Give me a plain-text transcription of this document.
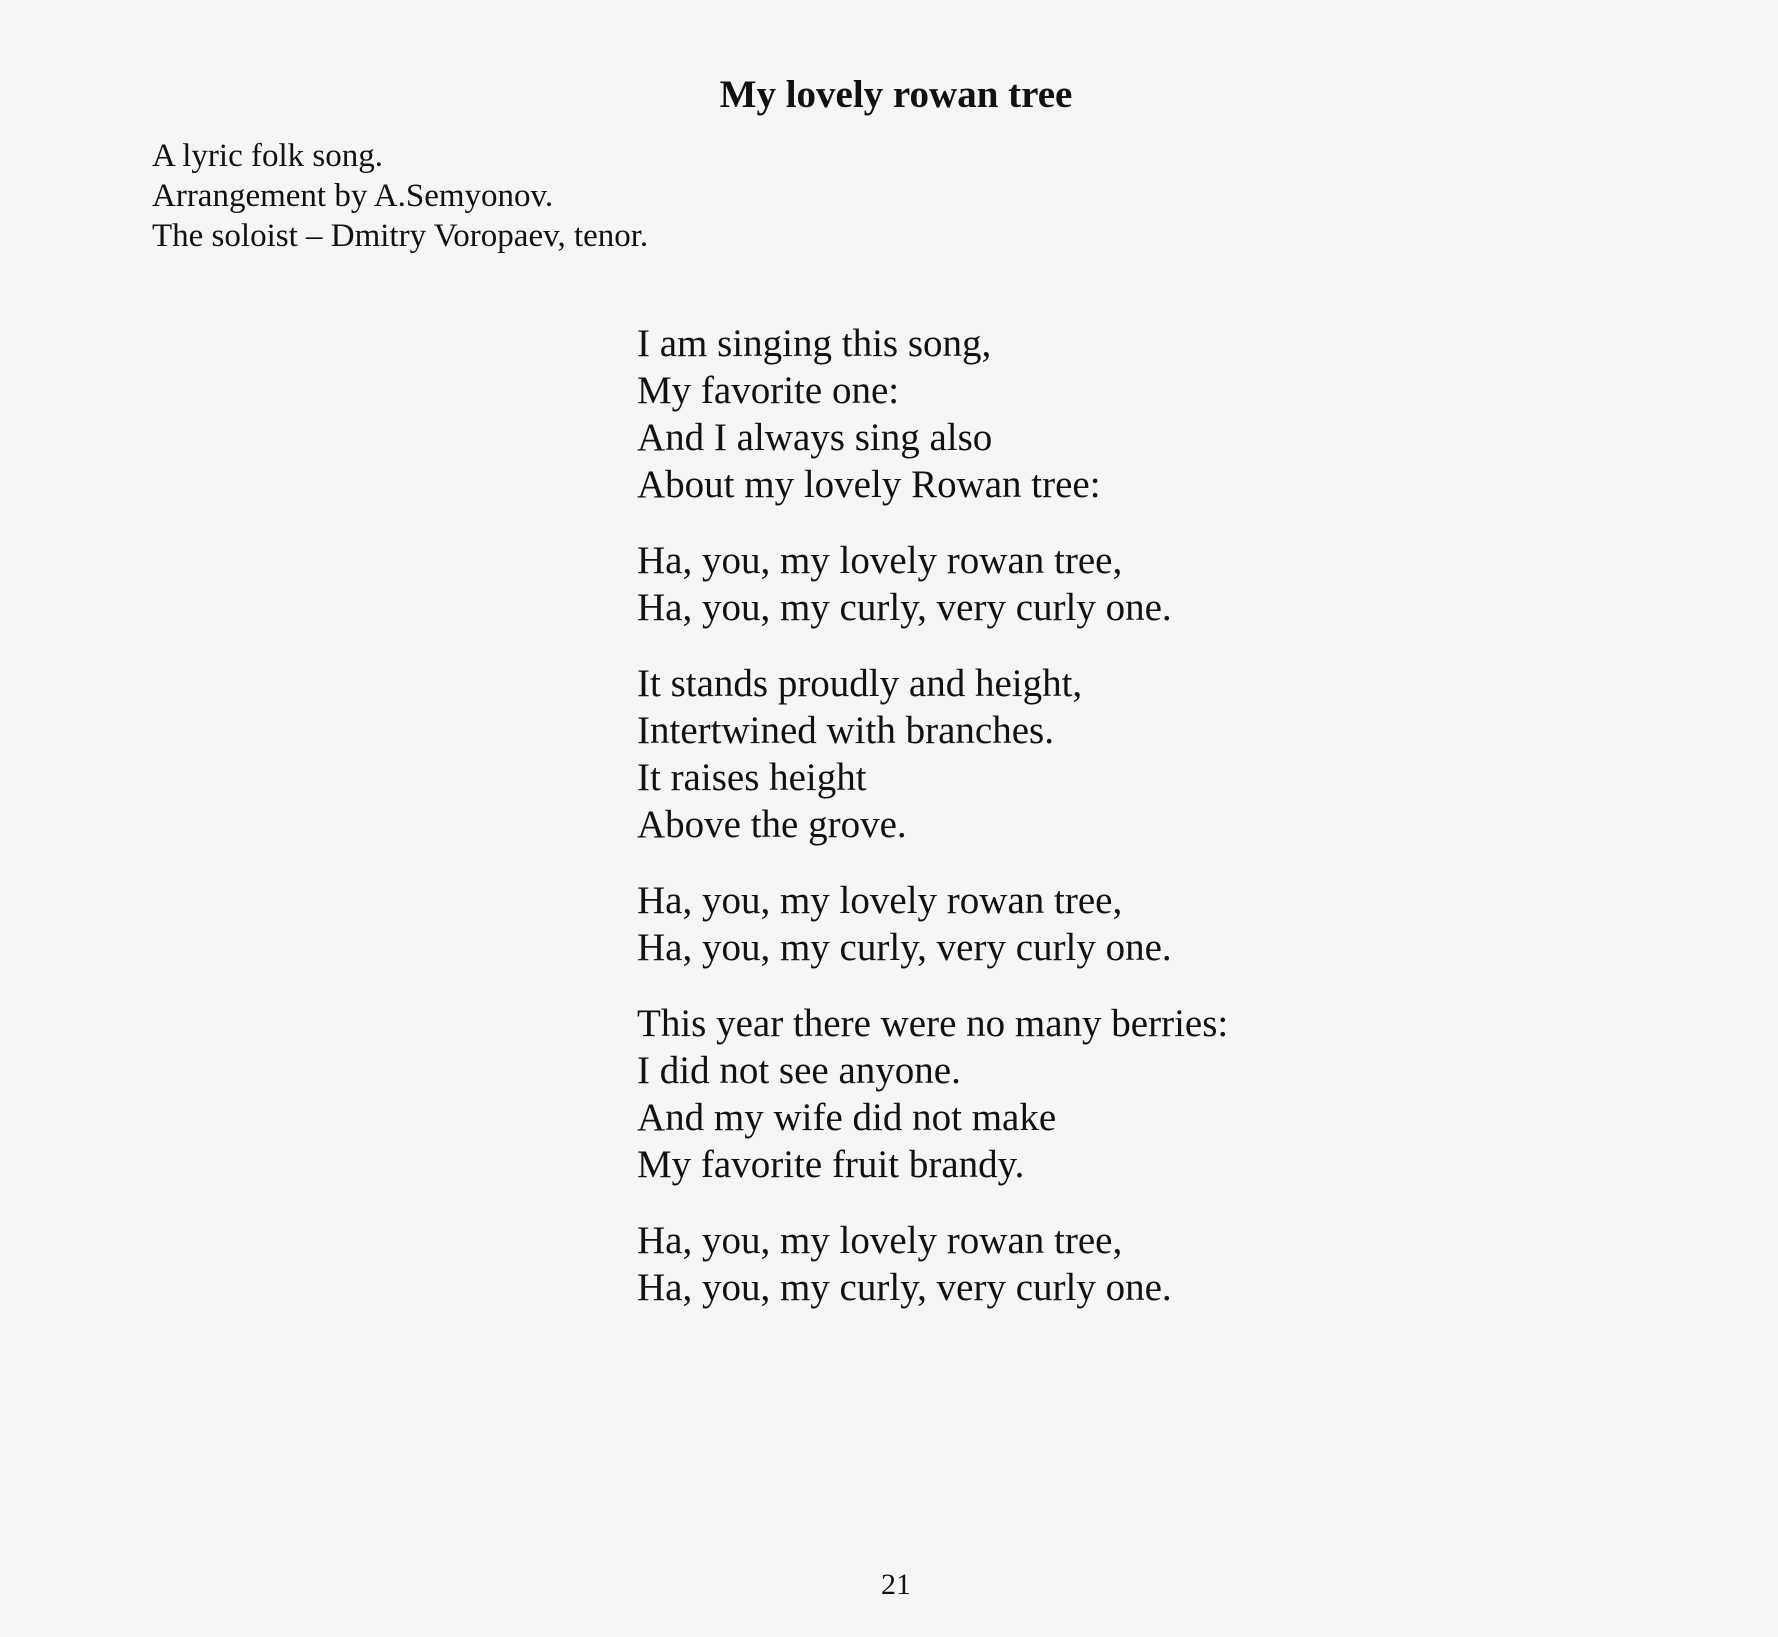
My lovely rowan tree
A lyric folk song.
Arrangement by A.Semyonov.
The soloist – Dmitry Voropaev, tenor.
I am singing this song,
My favorite one:
And I always sing also
About my lovely Rowan tree:
Ha, you, my lovely rowan tree,
Ha, you, my curly, very curly one.
It stands proudly and height,
Intertwined with branches.
It raises height
Above the grove.
Ha, you, my lovely rowan tree,
Ha, you, my curly, very curly one.
This year there were no many berries:
I did not see anyone.
And my wife did not make
My favorite fruit brandy.
Ha, you, my lovely rowan tree,
Ha, you, my curly, very curly one.
21
